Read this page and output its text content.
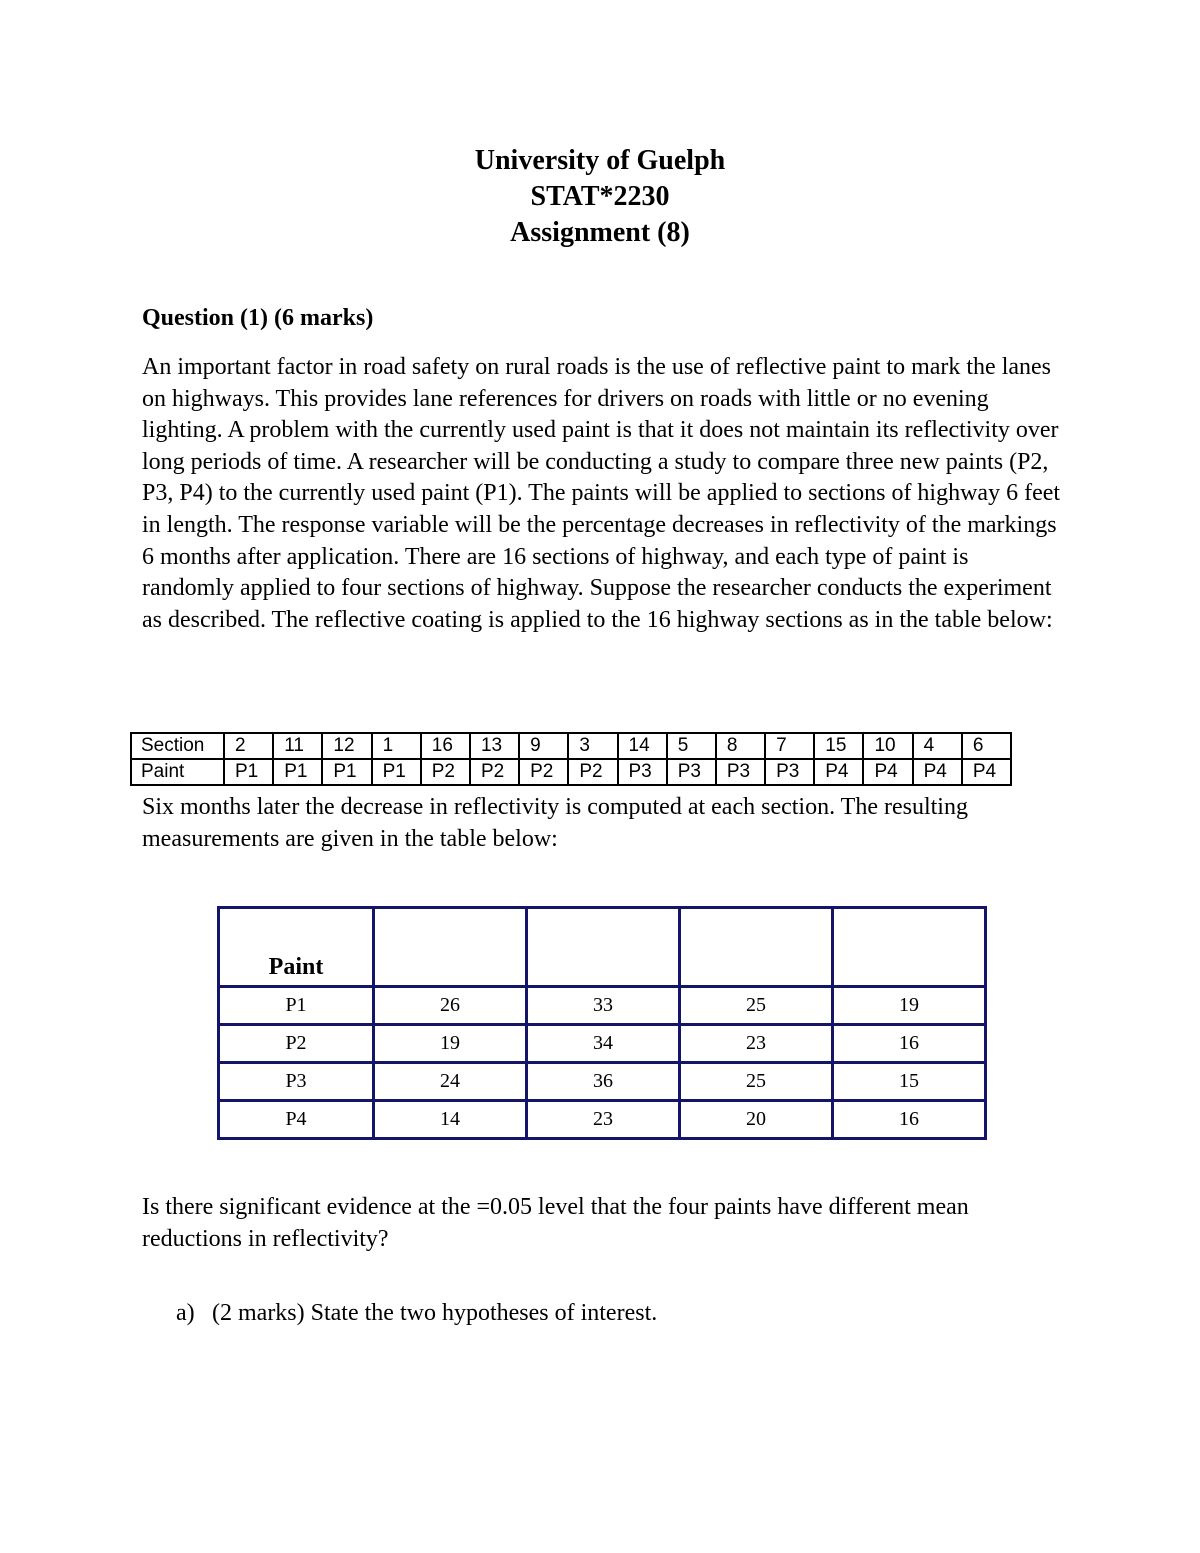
University of Guelph
STAT*2230
Assignment (8)
Question (1) (6 marks)
An important factor in road safety on rural roads is the use of reflective paint to mark the lanes on highways. This provides lane references for drivers on roads with little or no evening lighting. A problem with the currently used paint is that it does not maintain its reflectivity over long periods of time. A researcher will be conducting a study to compare three new paints (P2, P3, P4) to the currently used paint (P1). The paints will be applied to sections of highway 6 feet in length. The response variable will be the percentage decreases in reflectivity of the markings 6 months after application. There are 16 sections of highway, and each type of paint is randomly applied to four sections of highway. Suppose the researcher conducts the experiment as described. The reflective coating is applied to the 16 highway sections as in the table below:
Section	2	11	12	1	16	13	9	3	14	5	8	7	15	10	4	6
Paint	P1	P1	P1	P1	P2	P2	P2	P2	P3	P3	P3	P3	P4	P4	P4	P4
Six months later the decrease in reflectivity is computed at each section. The resulting measurements are given in the table below:
Paint				
P1	26	33	25	19
P2	19	34	23	16
P3	24	36	25	15
P4	14	23	20	16
Is there significant evidence at the =0.05 level that the four paints have different mean reductions in reflectivity?
a) (2 marks) State the two hypotheses of interest.
